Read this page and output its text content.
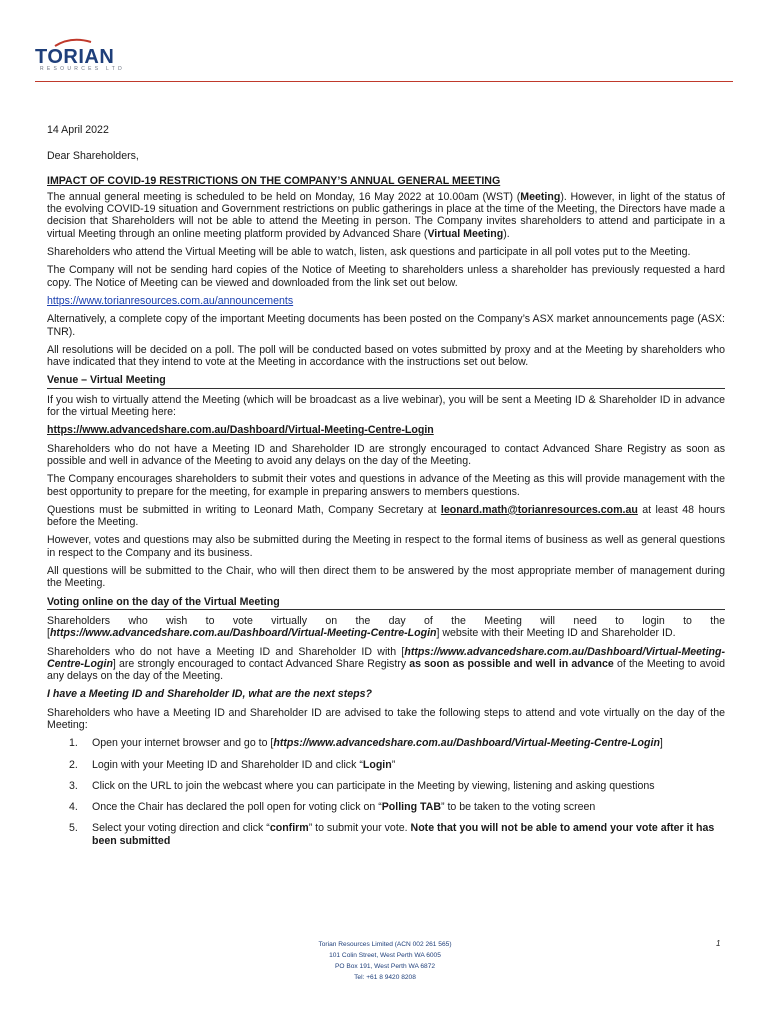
TORIAN
RESOURCES LTD
14 April 2022
Dear Shareholders,
IMPACT OF COVID-19 RESTRICTIONS ON THE COMPANY’S ANNUAL GENERAL MEETING

The annual general meeting is scheduled to be held on Monday, 16 May 2022 at 10.00am (WST) (Meeting). However, in light of the status of the evolving COVID-19 situation and Government restrictions on public gatherings in place at the time of the Meeting, the Directors have made a decision that Shareholders will not be able to attend the Meeting in person. The Company invites shareholders to attend and participate in a virtual Meeting through an online meeting platform provided by Advanced Share (Virtual Meeting).

Shareholders who attend the Virtual Meeting will be able to watch, listen, ask questions and participate in all poll votes put to the Meeting.

The Company will not be sending hard copies of the Notice of Meeting to shareholders unless a shareholder has previously requested a hard copy. The Notice of Meeting can be viewed and downloaded from the link set out below.

https://www.torianresources.com.au/announcements

Alternatively, a complete copy of the important Meeting documents has been posted on the Company’s ASX market announcements page (ASX: TNR).

All resolutions will be decided on a poll. The poll will be conducted based on votes submitted by proxy and at the Meeting by shareholders who have indicated that they intend to vote at the Meeting in accordance with the instructions set out below.

Venue – Virtual Meeting

If you wish to virtually attend the Meeting (which will be broadcast as a live webinar), you will be sent a Meeting ID & Shareholder ID in advance for the virtual Meeting here:

https://www.advancedshare.com.au/Dashboard/Virtual-Meeting-Centre-Login

Shareholders who do not have a Meeting ID and Shareholder ID are strongly encouraged to contact Advanced Share Registry as soon as possible and well in advance of the Meeting to avoid any delays on the day of the Meeting.

The Company encourages shareholders to submit their votes and questions in advance of the Meeting as this will provide management with the best opportunity to prepare for the meeting, for example in preparing answers to members questions.

Questions must be submitted in writing to Leonard Math, Company Secretary at leonard.math@torianresources.com.au at least 48 hours before the Meeting.

However, votes and questions may also be submitted during the Meeting in respect to the formal items of business as well as general questions in respect to the Company and its business.

All questions will be submitted to the Chair, who will then direct them to be answered by the most appropriate member of management during the Meeting.

Voting online on the day of the Virtual Meeting

Shareholders who wish to vote virtually on the day of the Meeting will need to login to the [https://www.advancedshare.com.au/Dashboard/Virtual-Meeting-Centre-Login] website with their Meeting ID and Shareholder ID.

Shareholders who do not have a Meeting ID and Shareholder ID with [https://www.advancedshare.com.au/Dashboard/Virtual-Meeting-Centre-Login] are strongly encouraged to contact Advanced Share Registry as soon as possible and well in advance of the Meeting to avoid any delays on the day of the Meeting.

I have a Meeting ID and Shareholder ID, what are the next steps?

Shareholders who have a Meeting ID and Shareholder ID are advised to take the following steps to attend and vote virtually on the day of the Meeting:

1. Open your internet browser and go to [https://www.advancedshare.com.au/Dashboard/Virtual-Meeting-Centre-Login]
2. Login with your Meeting ID and Shareholder ID and click “Login”
3. Click on the URL to join the webcast where you can participate in the Meeting by viewing, listening and asking questions
4. Once the Chair has declared the poll open for voting click on “Polling TAB” to be taken to the voting screen
5. Select your voting direction and click “confirm” to submit your vote. Note that you will not be able to amend your vote after it has been submitted
Torian Resources Limited (ACN 002 261 565)
101 Colin Street, West Perth WA 6005
PO Box 191, West Perth WA 6872
Tel: +61 8 9420 8208
1
